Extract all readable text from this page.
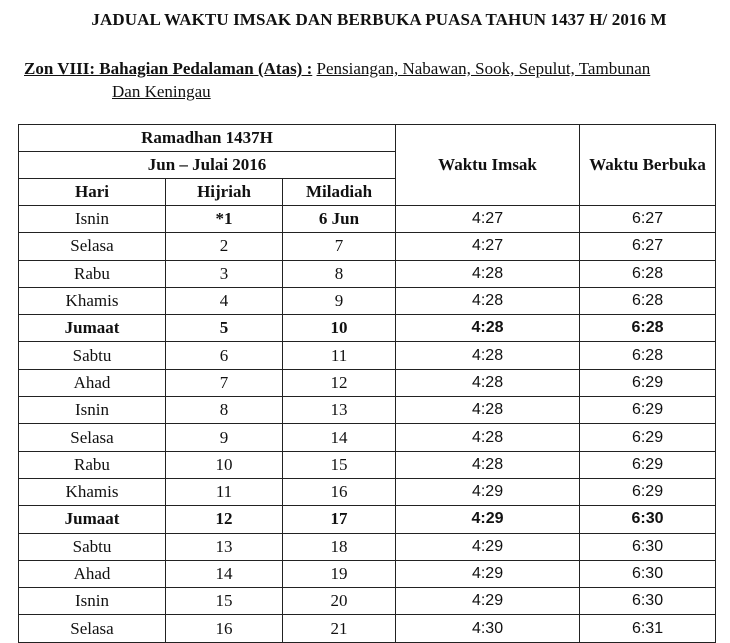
JADUAL WAKTU IMSAK DAN BERBUKA PUASA TAHUN 1437 H/ 2016 M
Zon VIII: Bahagian Pedalaman (Atas) : Pensiangan, Nabawan, Sook, Sepulut, Tambunan
Dan Keningau
Ramadhan 1437H			Waktu Imsak	Waktu Berbuka
Jun – Julai 2016				
Hari	Hijriah	Miladiah		
Isnin	*1	6 Jun	4:27	6:27
Selasa	2	7	4:27	6:27
Rabu	3	8	4:28	6:28
Khamis	4	9	4:28	6:28
Jumaat	5	10	4:28	6:28
Sabtu	6	11	4:28	6:28
Ahad	7	12	4:28	6:29
Isnin	8	13	4:28	6:29
Selasa	9	14	4:28	6:29
Rabu	10	15	4:28	6:29
Khamis	11	16	4:29	6:29
Jumaat	12	17	4:29	6:30
Sabtu	13	18	4:29	6:30
Ahad	14	19	4:29	6:30
Isnin	15	20	4:29	6:30
Selasa	16	21	4:30	6:31
